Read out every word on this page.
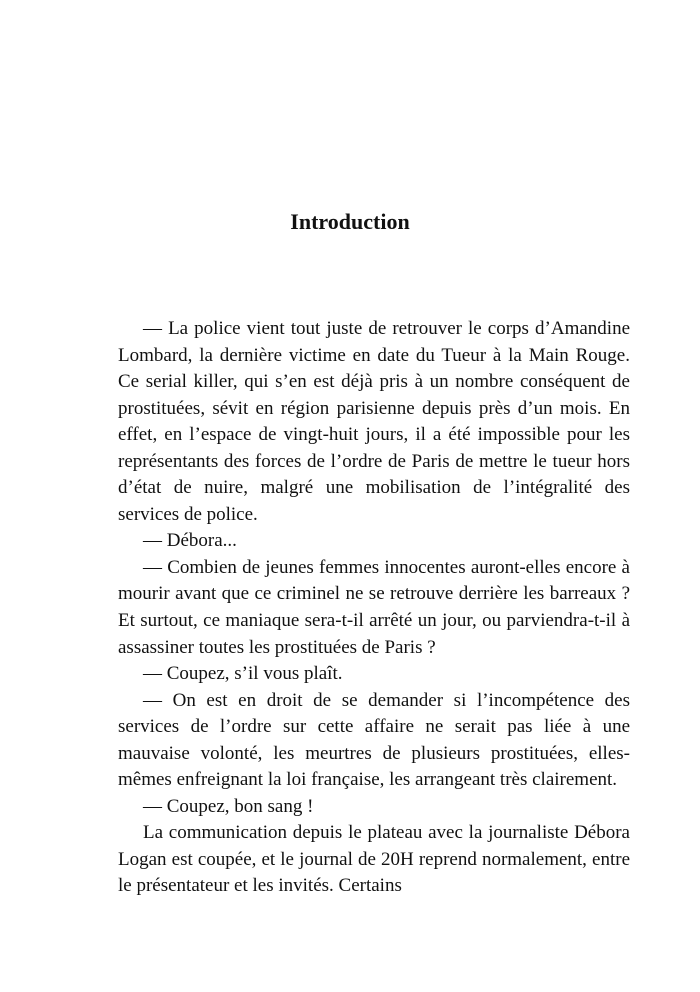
Introduction

— La police vient tout juste de retrouver le corps d’Amandine Lombard, la dernière victime en date du Tueur à la Main Rouge. Ce serial killer, qui s’en est déjà pris à un nombre conséquent de prostituées, sévit en région parisienne depuis près d’un mois. En effet, en l’espace de vingt-huit jours, il a été impossible pour les représentants des forces de l’ordre de Paris de mettre le tueur hors d’état de nuire, malgré une mobilisation de l’intégralité des services de police.

— Débora...

— Combien de jeunes femmes innocentes auront-elles encore à mourir avant que ce criminel ne se retrouve derrière les barreaux ? Et surtout, ce maniaque sera-t-il arrêté un jour, ou parviendra-t-il à assassiner toutes les prostituées de Paris ?

— Coupez, s’il vous plaît.

— On est en droit de se demander si l’incompétence des services de l’ordre sur cette affaire ne serait pas liée à une mauvaise volonté, les meurtres de plusieurs prostituées, elles-mêmes enfreignant la loi française, les arrangeant très clairement.

— Coupez, bon sang !

La communication depuis le plateau avec la journaliste Débora Logan est coupée, et le journal de 20H reprend normalement, entre le présentateur et les invités. Certains
